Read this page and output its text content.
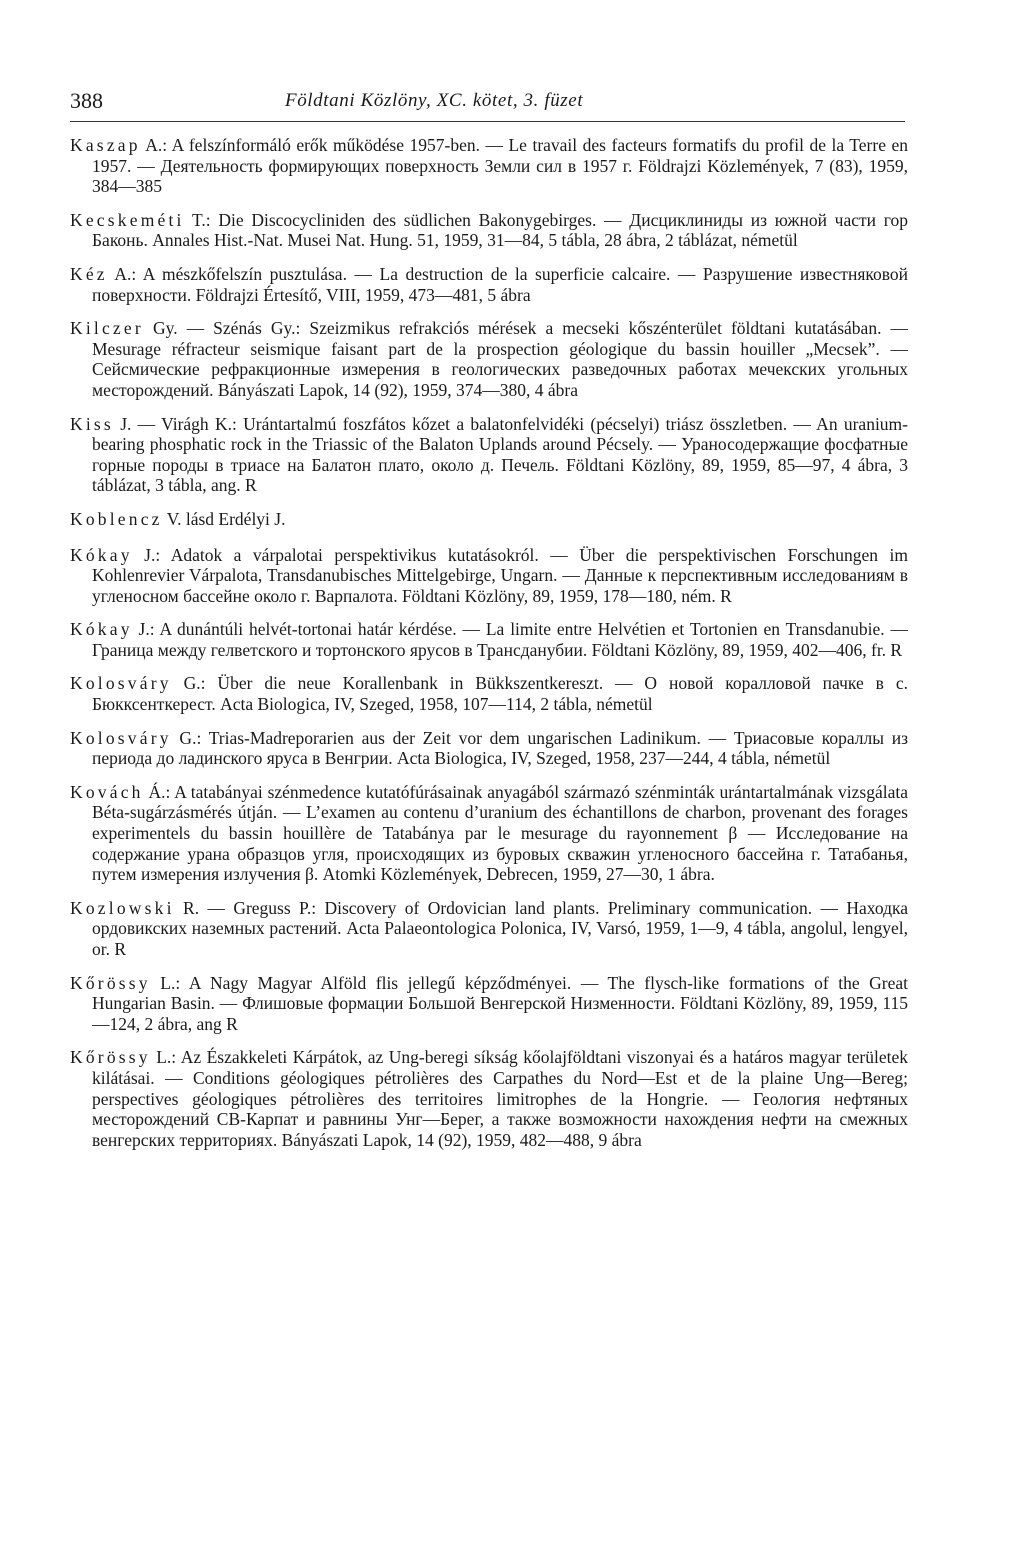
388	Földtani Közlöny, XC. kötet, 3. füzet

Kaszap A.: A felszínformáló erők működése 1957-ben. — Le travail des facteurs formatifs du profil de la Terre en 1957. — Деятельность формирующих поверхность Земли сил в 1957 г. Földrajzi Közlemények, 7 (83), 1959, 384—385

Kecskeméti T.: Die Discocycliniden des südlichen Bakonygebirges. — Дисциклиниды из южной части гор Баконь. Annales Hist.-Nat. Musei Nat. Hung. 51, 1959, 31—84, 5 tábla, 28 ábra, 2 táblázat, németül

Kéz A.: A mészkőfelszín pusztulása. — La destruction de la superficie calcaire. — Разрушение известняковой поверхности. Földrajzi Értesítő, VIII, 1959, 473—481, 5 ábra

Kilczer Gy. — Szénás Gy.: Szeizmikus refrakciós mérések a mecseki kőszénterület földtani kutatásában. — Mesurage réfracteur seismique faisant part de la prospection géologique du bassin houiller „Mecsek”. — Сейсмические рефракционные измерения в геологических разведочных работах мечекских угольных месторождений. Bányászati Lapok, 14 (92), 1959, 374—380, 4 ábra

Kiss J. — Virágh K.: Urántartalmú foszfátos kőzet a balatonfelvidéki (pécselyi) triász összletben. — An uranium-bearing phosphatic rock in the Triassic of the Balaton Uplands around Pécsely. — Ураносодержащие фосфатные горные породы в триасе на Балатон плато, около д. Печель. Földtani Közlöny, 89, 1959, 85—97, 4 ábra, 3 táblázat, 3 tábla, ang. R

Koblencz V. lásd Erdélyi J.

Kókay J.: Adatok a várpalotai perspektivikus kutatásokról. — Über die perspektivischen Forschungen im Kohlenrevier Várpalota, Transdanubisches Mittelgebirge, Ungarn. — Данные к перспективным исследованиям в угленосном бассейне около г. Варпалота. Földtani Közlöny, 89, 1959, 178—180, ném. R

Kókay J.: A dunántúli helvét-tortonai határ kérdése. — La limite entre Helvétien et Tortonien en Transdanubie. — Граница между гелветского и тортонского ярусов в Трансданубии. Földtani Közlöny, 89, 1959, 402—406, fr. R

Kolosváry G.: Über die neue Korallenbank in Bükkszentkereszt. — О новой коралловой пачке в с. Бюкксенткерест. Acta Biologica, IV, Szeged, 1958, 107—114, 2 tábla, németül

Kolosváry G.: Trias-Madreporarien aus der Zeit vor dem ungarischen Ladinikum. — Триасовые кораллы из периода до ладинского яруса в Венгрии. Acta Biologica, IV, Szeged, 1958, 237—244, 4 tábla, németül

Kovách Á.: A tatabányai szénmedence kutatófúrásainak anyagából származó szénminták urántartalmának vizsgálata Béta-sugárzásmérés útján. — L’examen au contenu d’uranium des échantillons de charbon, provenant des forages experimentels du bassin houillère de Tatabánya par le mesurage du rayonnement β — Исследование на содержание урана образцов угля, происходящих из буровых скважин угленосного бассейна г. Татабанья, путем измерения излучения β. Atomki Közlemények, Debrecen, 1959, 27—30, 1 ábra.

Kozlowski R. — Greguss P.: Discovery of Ordovician land plants. Preliminary communication. — Находка ордовикских наземных растений. Acta Palaeontologica Polonica, IV, Varsó, 1959, 1—9, 4 tábla, angolul, lengyel, or. R

Kőrössy L.: A Nagy Magyar Alföld flis jellegű képződményei. — The flysch-like formations of the Great Hungarian Basin. — Флишовые формации Большой Венгерской Низменности. Földtani Közlöny, 89, 1959, 115—124, 2 ábra, ang R

Kőrössy L.: Az Északkeleti Kárpátok, az Ung-beregi síkság kőolajföldtani viszonyai és a határos magyar területek kilátásai. — Conditions géologiques pétrolières des Carpathes du Nord—Est et de la plaine Ung—Bereg; perspectives géologiques pétrolières des territoires limitrophes de la Hongrie. — Геология нефтяных месторождений СВ-Карпат и равнины Унг—Берег, а также возможности нахождения нефти на смежных венгерских территориях. Bányászati Lapok, 14 (92), 1959, 482—488, 9 ábra
